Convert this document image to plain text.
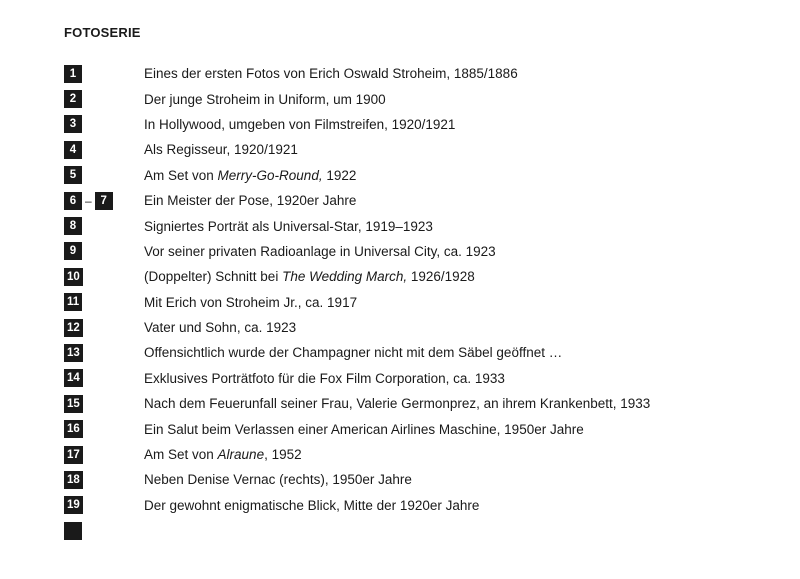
FOTOSERIE
1	Eines der ersten Fotos von Erich Oswald Stroheim, 1885/1886
2	Der junge Stroheim in Uniform, um 1900
3	In Hollywood, umgeben von Filmstreifen, 1920/1921
4	Als Regisseur, 1920/1921
5	Am Set von Merry-Go-Round, 1922
6 – 7	Ein Meister der Pose, 1920er Jahre
8	Signiertes Porträt als Universal-Star, 1919–1923
9	Vor seiner privaten Radioanlage in Universal City, ca. 1923
10	(Doppelter) Schnitt bei The Wedding March, 1926/1928
11	Mit Erich von Stroheim Jr., ca. 1917
12	Vater und Sohn, ca. 1923
13	Offensichtlich wurde der Champagner nicht mit dem Säbel geöffnet …
14	Exklusives Porträtfoto für die Fox Film Corporation, ca. 1933
15	Nach dem Feuerunfall seiner Frau, Valerie Germonprez, an ihrem Krankenbett, 1933
16	Ein Salut beim Verlassen einer American Airlines Maschine, 1950er Jahre
17	Am Set von Alraune, 1952
18	Neben Denise Vernac (rechts), 1950er Jahre
19	Der gewohnt enigmatische Blick, Mitte der 1920er Jahre
